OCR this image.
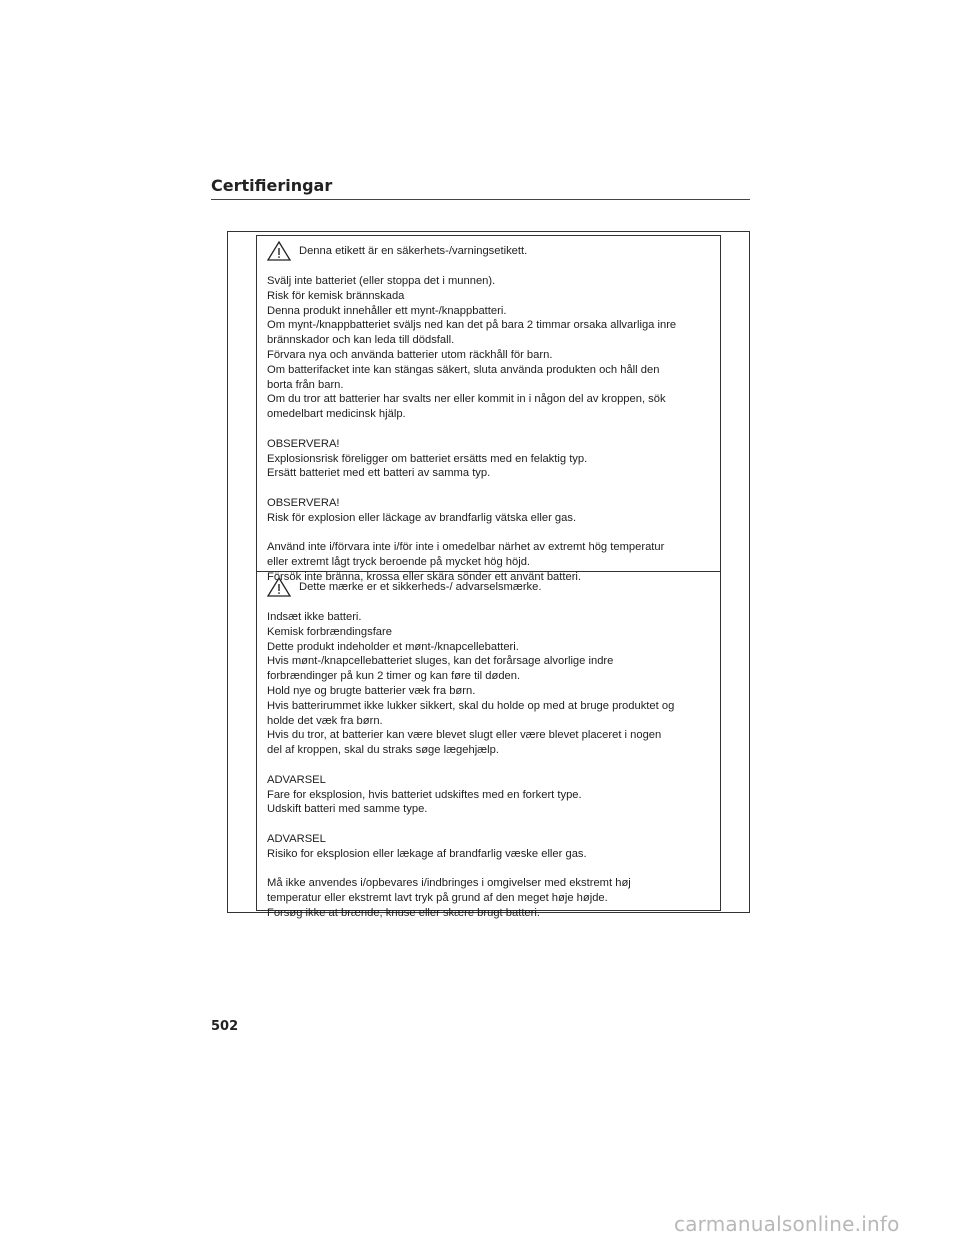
Certifieringar
Denna etikett är en säkerhets-/varningsetikett.
Svälj inte batteriet (eller stoppa det i munnen).
Risk för kemisk brännskada
Denna produkt innehåller ett mynt-/knappbatteri.
Om mynt-/knappbatteriet sväljs ned kan det på bara 2 timmar orsaka allvarliga inre
brännskador och kan leda till dödsfall.
Förvara nya och använda batterier utom räckhåll för barn.
Om batterifacket inte kan stängas säkert, sluta använda produkten och håll den
borta från barn.
Om du tror att batterier har svalts ner eller kommit in i någon del av kroppen, sök
omedelbart medicinsk hjälp.
OBSERVERA!
Explosionsrisk föreligger om batteriet ersätts med en felaktig typ.
Ersätt batteriet med ett batteri av samma typ.
OBSERVERA!
Risk för explosion eller läckage av brandfarlig vätska eller gas.
Använd inte i/förvara inte i/för inte i omedelbar närhet av extremt hög temperatur
eller extremt lågt tryck beroende på mycket hög höjd.
Försök inte bränna, krossa eller skära sönder ett använt batteri.
Dette mærke er et sikkerheds-/ advarselsmærke.
Indsæt ikke batteri.
Kemisk forbrændingsfare
Dette produkt indeholder et mønt-/knapcellebatteri.
Hvis mønt-/knapcellebatteriet sluges, kan det forårsage alvorlige indre
forbrændinger på kun 2 timer og kan føre til døden.
Hold nye og brugte batterier væk fra børn.
Hvis batterirummet ikke lukker sikkert, skal du holde op med at bruge produktet og
holde det væk fra børn.
Hvis du tror, at batterier kan være blevet slugt eller være blevet placeret i nogen
del af kroppen, skal du straks søge lægehjælp.
ADVARSEL
Fare for eksplosion, hvis batteriet udskiftes med en forkert type.
Udskift batteri med samme type.
ADVARSEL
Risiko for eksplosion eller lækage af brandfarlig væske eller gas.
Må ikke anvendes i/opbevares i/indbringes i omgivelser med ekstremt høj
temperatur eller ekstremt lavt tryk på grund af den meget høje højde.
Forsøg ikke at brænde, knuse eller skære brugt batteri.
502
carmanualsonline.info
